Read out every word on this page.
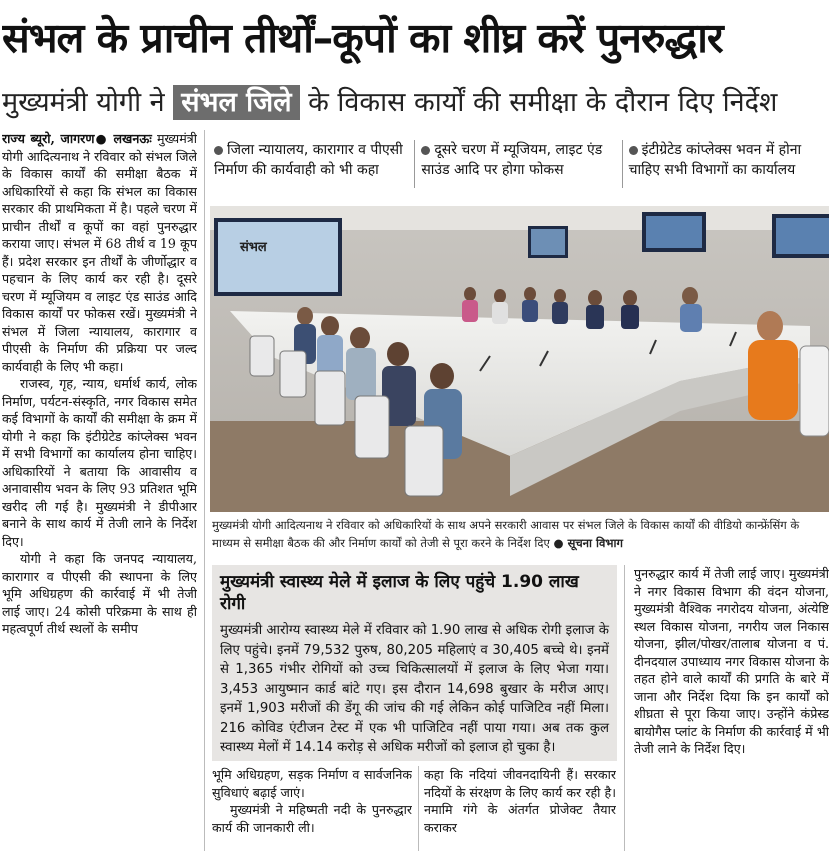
संभल के प्राचीन तीर्थों–कूपों का शीघ्र करें पुनरुद्धार
मुख्यमंत्री योगी ने संभल जिले के विकास कार्यों की समीक्षा के दौरान दिए निर्देश

राज्य ब्यूरो, जागरण● लखनऊः मुख्यमंत्री योगी आदित्यनाथ ने रविवार को संभल जिले के विकास कार्यों की समीक्षा बैठक में अधिकारियों से कहा कि संभल का विकास सरकार की प्राथमिकता में है। पहले चरण में प्राचीन तीर्थों व कूपों का वहां पुनरुद्धार कराया जाए। संभल में 68 तीर्थ व 19 कूप हैं। प्रदेश सरकार इन तीर्थों के जीर्णोद्धार व पहचान के लिए कार्य कर रही है। दूसरे चरण में म्यूजियम व लाइट एंड साउंड आदि विकास कार्यों पर फोकस रखें। मुख्यमंत्री ने संभल में जिला न्यायालय, कारागार व पीएसी के निर्माण की प्रक्रिया पर जल्द कार्यवाही के लिए भी कहा।

राजस्व, गृह, न्याय, धर्मार्थ कार्य, लोक निर्माण, पर्यटन-संस्कृति, नगर विकास समेत कई विभागों के कार्यों की समीक्षा के क्रम में योगी ने कहा कि इंटीग्रेटेड कांप्लेक्स भवन में सभी विभागों का कार्यालय होना चाहिए। अधिकारियों ने बताया कि आवासीय व अनावासीय भवन के लिए 93 प्रतिशत भूमि खरीद ली गई है। मुख्यमंत्री ने डीपीआर बनाने के साथ कार्य में तेजी लाने के निर्देश दिए।

योगी ने कहा कि जनपद न्यायालय, कारागार व पीएसी की स्थापना के लिए भूमि अधिग्रहण की कार्रवाई में भी तेजी लाई जाए। 24 कोसी परिक्रमा के साथ ही महत्वपूर्ण तीर्थ स्थलों के समीप

जिला न्यायालय, कारागार व पीएसी निर्माण की कार्यवाही को भी कहा
दूसरे चरण में म्यूजियम, लाइट एंड साउंड आदि पर होगा फोकस
इंटीग्रेटेड कांप्लेक्स भवन में होना चाहिए सभी विभागों का कार्यालय
संभल
मुख्यमंत्री योगी आदित्यनाथ ने रविवार को अधिकारियों के साथ अपने सरकारी आवास पर संभल जिले के विकास कार्यों की वीडियो कान्फ्रेंसिंग के माध्यम से समीक्षा बैठक की और निर्माण कार्यों को तेजी से पूरा करने के निर्देश दिए ● सूचना विभाग
मुख्यमंत्री स्वास्थ्य मेले में इलाज के लिए पहुंचे 1.90 लाख रोगी

मुख्यमंत्री आरोग्य स्वास्थ्य मेले में रविवार को 1.90 लाख से अधिक रोगी इलाज के लिए पहुंचे। इनमें 79,532 पुरुष, 80,205 महिलाएं व 30,405 बच्चे थे। इनमें से 1,365 गंभीर रोगियों को उच्च चिकित्सालयों में इलाज के लिए भेजा गया। 3,453 आयुष्मान कार्ड बांटे गए। इस दौरान 14,698 बुखार के मरीज आए। इनमें 1,903 मरीजों की डेंगू की जांच की गई लेकिन कोई पाजिटिव नहीं मिला। 216 कोविड एंटीजन टेस्ट में एक भी पाजिटिव नहीं पाया गया। अब तक कुल स्वास्थ्य मेलों में 14.14 करोड़ से अधिक मरीजों को इलाज हो चुका है।

भूमि अधिग्रहण, सड़क निर्माण व सार्वजनिक सुविधाएं बढ़ाई जाएं।

मुख्यमंत्री ने महिष्मती नदी के पुनरुद्धार कार्य की जानकारी ली।

कहा कि नदियां जीवनदायिनी हैं। सरकार नदियों के संरक्षण के लिए कार्य कर रही है। नमामि गंगे के अंतर्गत प्रोजेक्ट तैयार कराकर

पुनरुद्धार कार्य में तेजी लाई जाए। मुख्यमंत्री ने नगर विकास विभाग की वंदन योजना, मुख्यमंत्री वैश्विक नगरोदय योजना, अंत्येष्टि स्थल विकास योजना, नगरीय जल निकास योजना, झील/पोखर/तालाब योजना व पं. दीनदयाल उपाध्याय नगर विकास योजना के तहत होने वाले कार्यों की प्रगति के बारे में जाना और निर्देश दिया कि इन कार्यों को शीघ्रता से पूरा किया जाए। उन्होंने कंप्रेस्ड बायोगैस प्लांट के निर्माण की कार्रवाई में भी तेजी लाने के निर्देश दिए।
